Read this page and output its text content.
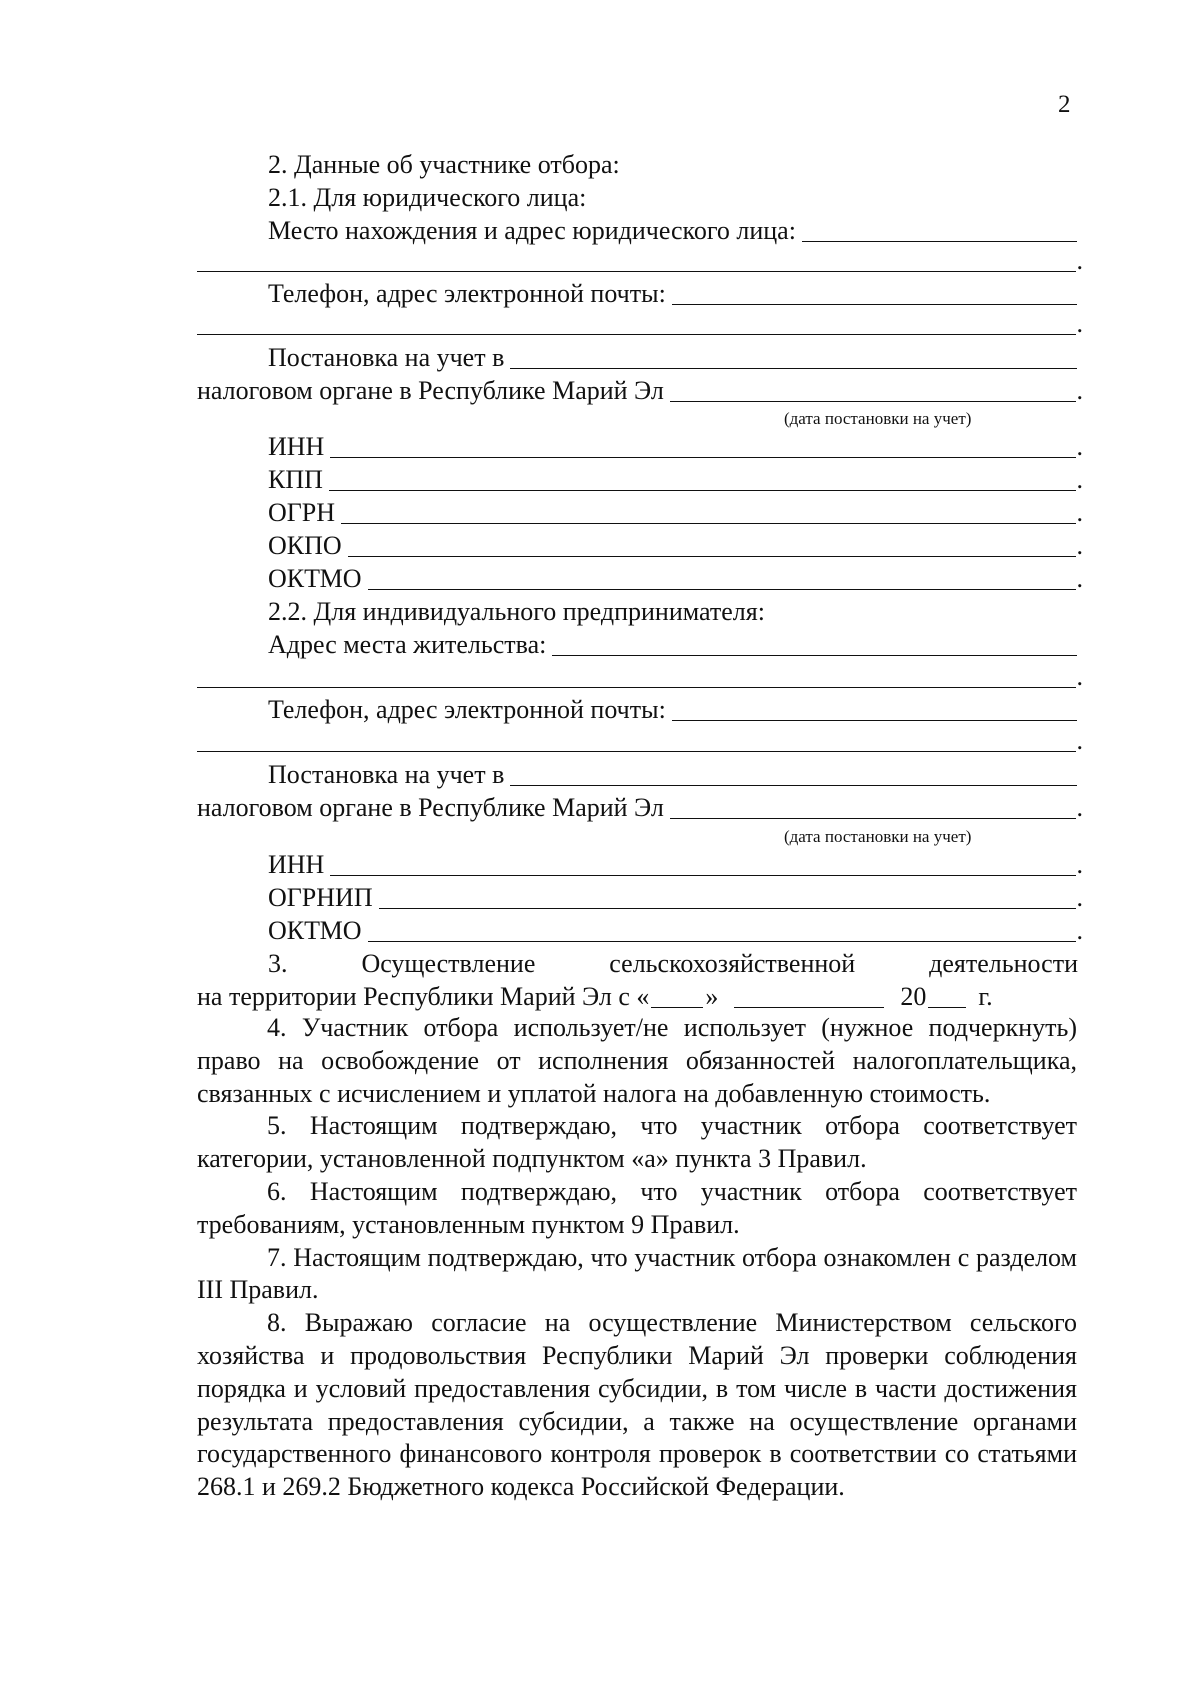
2
2. Данные об участнике отбора:
2.1. Для юридического лица:
Место нахождения и адрес юридического лица:
.
Телефон, адрес электронной почты:
.
Постановка на учет в
налоговом органе в Республике Марий Эл	.
(дата постановки на учет)
ИНН	.
КПП	.
ОГРН	.
ОКПО	.
ОКТМО	.
2.2. Для индивидуального предпринимателя:
Адрес места жительства:
.
Телефон, адрес электронной почты:
.
Постановка на учет в
налоговом органе в Республике Марий Эл	.
(дата постановки на учет)
ИНН	.
ОГРНИП	.
ОКТМО	.
3. Осуществление сельскохозяйственной деятельности
на территории Республики Марий Эл с « »	20 г.

4. Участник отбора использует/не использует (нужное подчеркнуть) право на освобождение от исполнения обязанностей налогоплательщика, связанных с исчислением и уплатой налога на добавленную стоимость.

5. Настоящим подтверждаю, что участник отбора соответствует категории, установленной подпунктом «а» пункта 3 Правил.

6. Настоящим подтверждаю, что участник отбора соответствует требованиям, установленным пунктом 9 Правил.

7. Настоящим подтверждаю, что участник отбора ознакомлен с разделом III Правил.

8. Выражаю согласие на осуществление Министерством сельского хозяйства и продовольствия Республики Марий Эл проверки соблюдения порядка и условий предоставления субсидии, в том числе в части достижения результата предоставления субсидии, а также на осуществление органами государственного финансового контроля проверок в соответствии со статьями 268.1 и 269.2 Бюджетного кодекса Российской Федерации.
